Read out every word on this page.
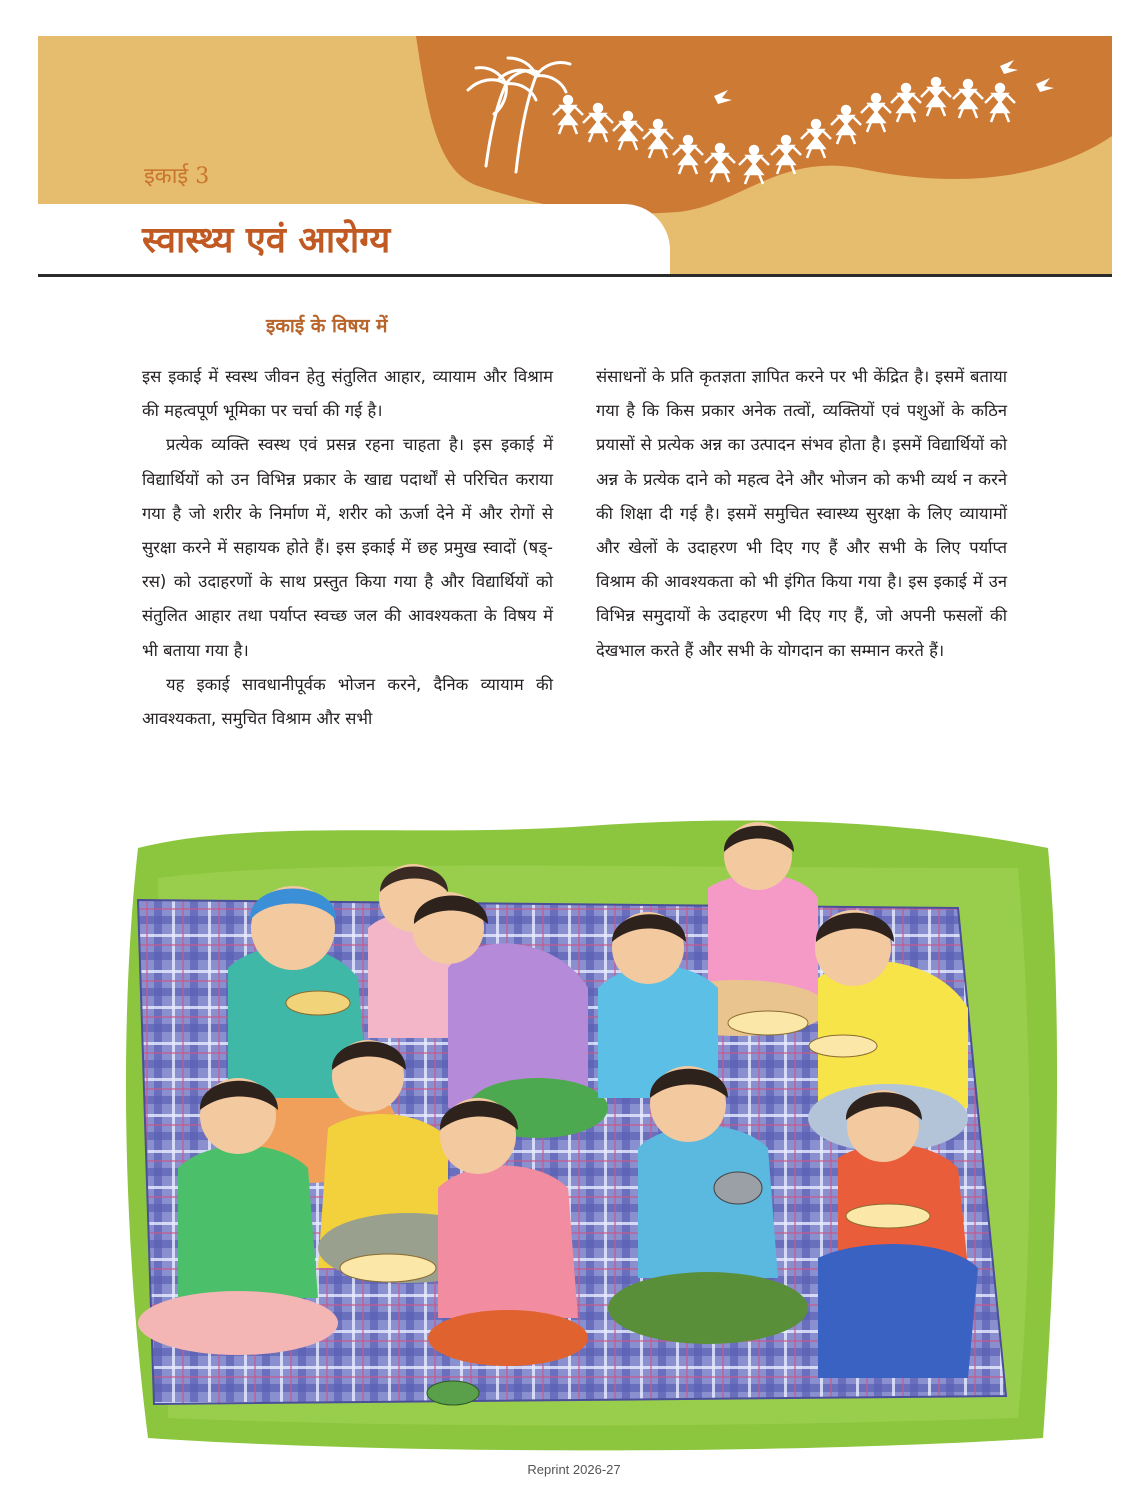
इकाई 3
स्वास्थ्य एवं आरोग्य
इकाई के विषय में

इस इकाई में स्वस्थ जीवन हेतु संतुलित आहार, व्यायाम और विश्राम की महत्वपूर्ण भूमिका पर चर्चा की गई है।

प्रत्येक व्यक्ति स्वस्थ एवं प्रसन्न रहना चाहता है। इस इकाई में विद्यार्थियों को उन विभिन्न प्रकार के खाद्य पदार्थों से परिचित कराया गया है जो शरीर के निर्माण में, शरीर को ऊर्जा देने में और रोगों से सुरक्षा करने में सहायक होते हैं। इस इकाई में छह प्रमुख स्वादों (षड्-रस) को उदाहरणों के साथ प्रस्तुत किया गया है और विद्यार्थियों को संतुलित आहार तथा पर्याप्त स्वच्छ जल की आवश्यकता के विषय में भी बताया गया है।

यह इकाई सावधानीपूर्वक भोजन करने, दैनिक व्यायाम की आवश्यकता, समुचित विश्राम और सभी

संसाधनों के प्रति कृतज्ञता ज्ञापित करने पर भी केंद्रित है। इसमें बताया गया है कि किस प्रकार अनेक तत्वों, व्यक्तियों एवं पशुओं के कठिन प्रयासों से प्रत्येक अन्न का उत्पादन संभव होता है। इसमें विद्यार्थियों को अन्न के प्रत्येक दाने को महत्व देने और भोजन को कभी व्यर्थ न करने की शिक्षा दी गई है। इसमें समुचित स्वास्थ्य सुरक्षा के लिए व्यायामों और खेलों के उदाहरण भी दिए गए हैं और सभी के लिए पर्याप्त विश्राम की आवश्यकता को भी इंगित किया गया है। इस इकाई में उन विभिन्न समुदायों के उदाहरण भी दिए गए हैं, जो अपनी फसलों की देखभाल करते हैं और सभी के योगदान का सम्मान करते हैं।

Reprint 2026-27
